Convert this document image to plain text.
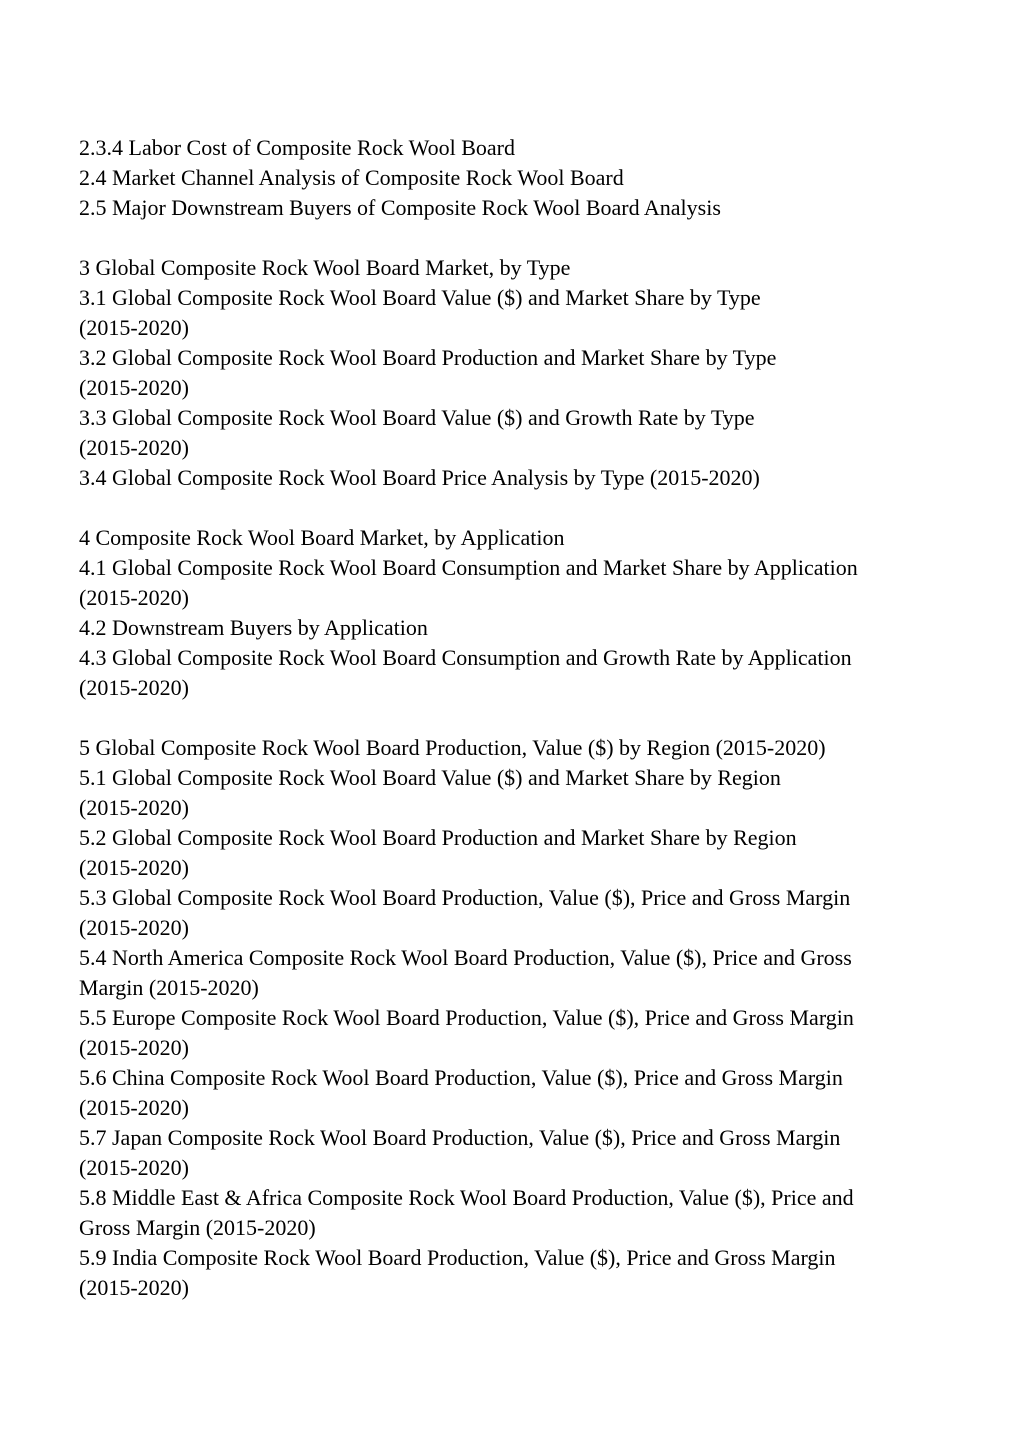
2.3.4 Labor Cost of Composite Rock Wool Board
2.4 Market Channel Analysis of Composite Rock Wool Board
2.5 Major Downstream Buyers of Composite Rock Wool Board Analysis
3 Global Composite Rock Wool Board Market, by Type
3.1 Global Composite Rock Wool Board Value ($) and Market Share by Type
(2015-2020)
3.2 Global Composite Rock Wool Board Production and Market Share by Type
(2015-2020)
3.3 Global Composite Rock Wool Board Value ($) and Growth Rate by Type
(2015-2020)
3.4 Global Composite Rock Wool Board Price Analysis by Type (2015-2020)
4 Composite Rock Wool Board Market, by Application
4.1 Global Composite Rock Wool Board Consumption and Market Share by Application
(2015-2020)
4.2 Downstream Buyers by Application
4.3 Global Composite Rock Wool Board Consumption and Growth Rate by Application
(2015-2020)
5 Global Composite Rock Wool Board Production, Value ($) by Region (2015-2020)
5.1 Global Composite Rock Wool Board Value ($) and Market Share by Region
(2015-2020)
5.2 Global Composite Rock Wool Board Production and Market Share by Region
(2015-2020)
5.3 Global Composite Rock Wool Board Production, Value ($), Price and Gross Margin
(2015-2020)
5.4 North America Composite Rock Wool Board Production, Value ($), Price and Gross
Margin (2015-2020)
5.5 Europe Composite Rock Wool Board Production, Value ($), Price and Gross Margin
(2015-2020)
5.6 China Composite Rock Wool Board Production, Value ($), Price and Gross Margin
(2015-2020)
5.7 Japan Composite Rock Wool Board Production, Value ($), Price and Gross Margin
(2015-2020)
5.8 Middle East & Africa Composite Rock Wool Board Production, Value ($), Price and
Gross Margin (2015-2020)
5.9 India Composite Rock Wool Board Production, Value ($), Price and Gross Margin
(2015-2020)
